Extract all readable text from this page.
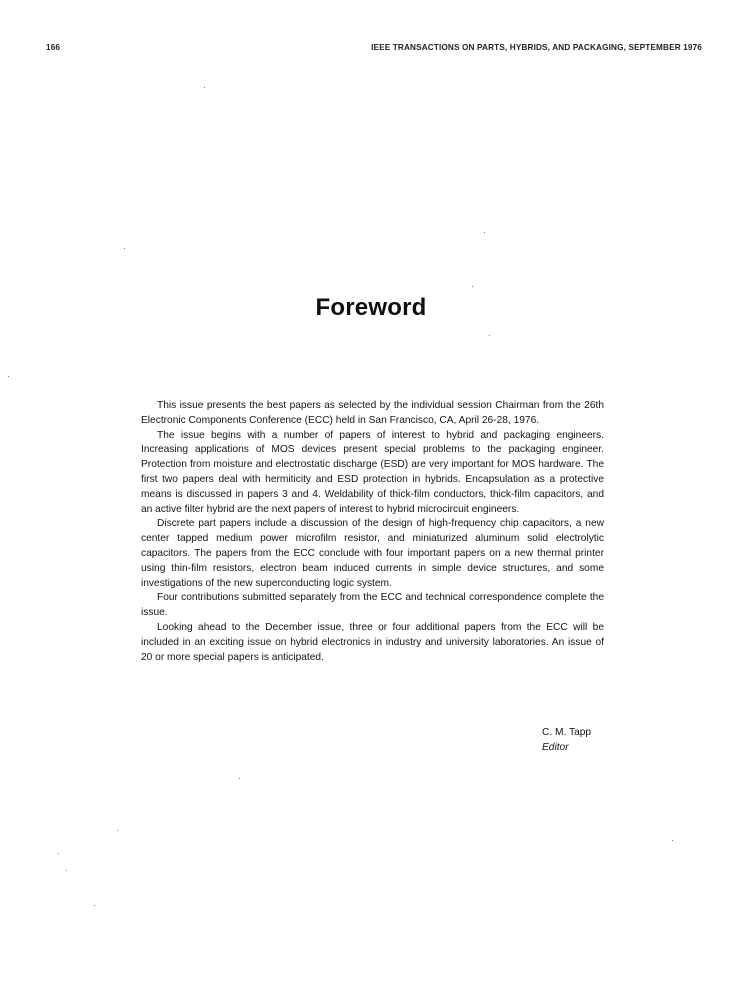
166	IEEE TRANSACTIONS ON PARTS, HYBRIDS, AND PACKAGING, SEPTEMBER 1976
Foreword

This issue presents the best papers as selected by the individual session Chairman from the 26th Electronic Components Conference (ECC) held in San Francisco, CA, April 26-28, 1976.

The issue begins with a number of papers of interest to hybrid and packaging engineers. Increasing applications of MOS devices present special problems to the packaging engineer. Protection from moisture and electrostatic discharge (ESD) are very important for MOS hardware. The first two papers deal with hermiticity and ESD protection in hybrids. Encapsulation as a protective means is discussed in papers 3 and 4. Weldability of thick-film conductors, thick-film capacitors, and an active filter hybrid are the next papers of interest to hybrid microcircuit engineers.

Discrete part papers include a discussion of the design of high-frequency chip capacitors, a new center tapped medium power microfilm resistor, and miniaturized aluminum solid electrolytic capacitors. The papers from the ECC conclude with four important papers on a new thermal printer using thin-film resistors, electron beam induced currents in simple device structures, and some investigations of the new superconducting logic system.

Four contributions submitted separately from the ECC and technical correspondence complete the issue.

Looking ahead to the December issue, three or four additional papers from the ECC will be included in an exciting issue on hybrid electronics in industry and university laboratories. An issue of 20 or more special papers is anticipated.

C. M. Tapp
Editor
